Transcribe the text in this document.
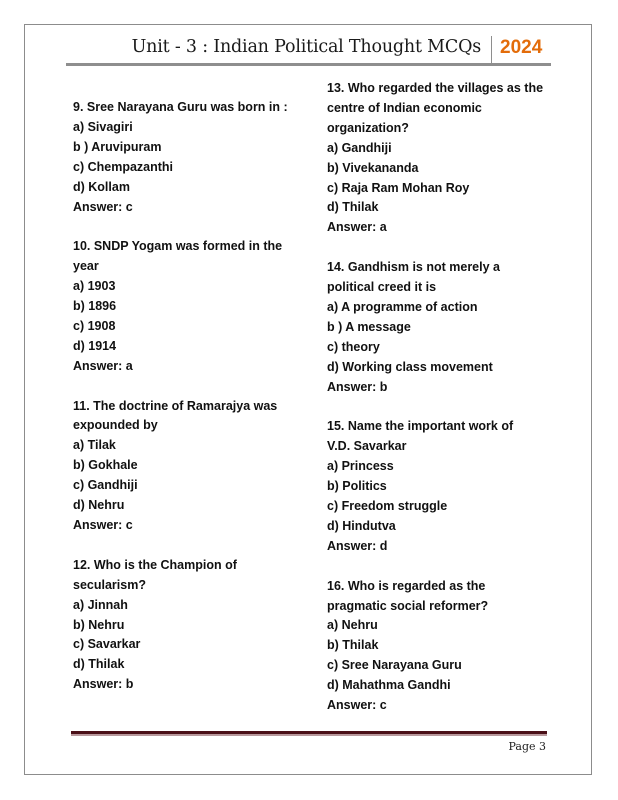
Unit - 3 : Indian Political Thought MCQs 2024
9. Sree Narayana Guru was born in :
a) Sivagiri
b ) Aruvipuram
c) Chempazanthi
d) Kollam
Answer: c
10. SNDP Yogam was formed in the
year
a) 1903
b) 1896
c) 1908
d) 1914
Answer: a
11. The doctrine of Ramarajya was
expounded by
a) Tilak
b) Gokhale
c) Gandhiji
d) Nehru
Answer: c
12. Who is the Champion of
secularism?
a) Jinnah
b) Nehru
c) Savarkar
d) Thilak
Answer: b
13. Who regarded the villages as the
centre of Indian economic
organization?
a) Gandhiji
b) Vivekananda
c) Raja Ram Mohan Roy
d) Thilak
Answer: a
14. Gandhism is not merely a
political creed it is
a) A programme of action
b ) A message
c) theory
d) Working class movement
Answer: b
15. Name the important work of
V.D. Savarkar
a) Princess
b) Politics
c) Freedom struggle
d) Hindutva
Answer: d
16. Who is regarded as the
pragmatic social reformer?
a) Nehru
b) Thilak
c) Sree Narayana Guru
d) Mahathma Gandhi
Answer: c
Page 3
